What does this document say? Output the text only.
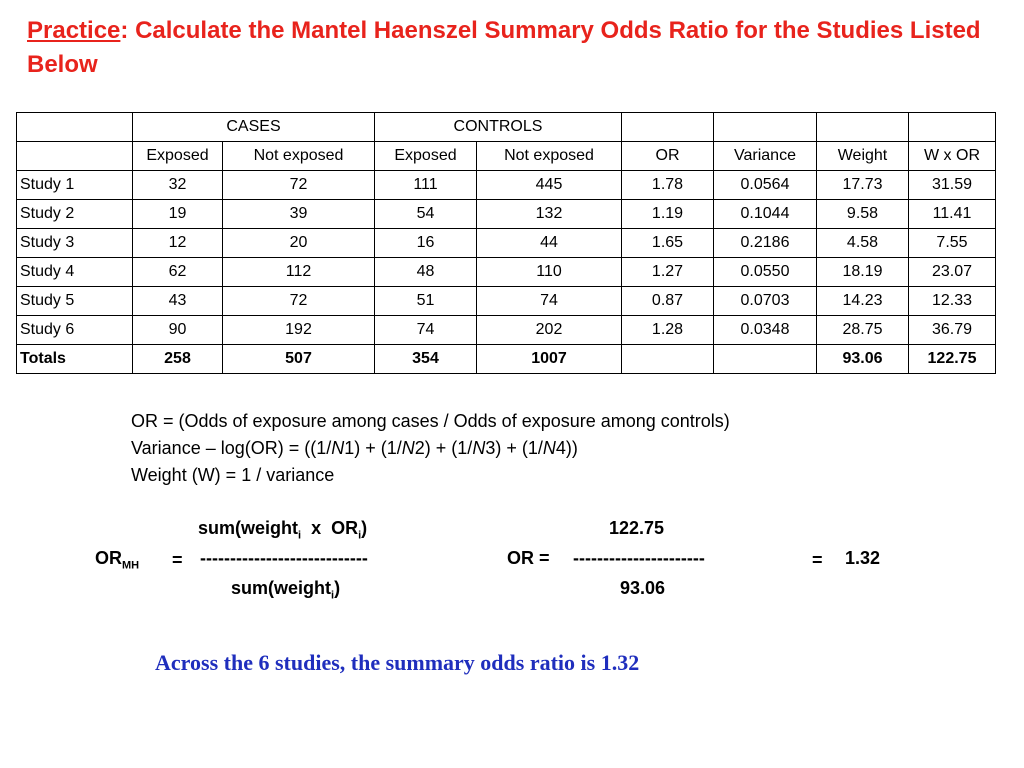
Practice: Calculate the Mantel Haenszel Summary Odds Ratio for the Studies Listed Below
	CASES		CONTROLS					
	Exposed	Not exposed	Exposed	Not exposed	OR	Variance	Weight	W x OR
Study 1	32	72	111	445	1.78	0.0564	17.73	31.59
Study 2	19	39	54	132	1.19	0.1044	9.58	11.41
Study 3	12	20	16	44	1.65	0.2186	4.58	7.55
Study 4	62	112	48	110	1.27	0.0550	18.19	23.07
Study 5	43	72	51	74	0.87	0.0703	14.23	12.33
Study 6	90	192	74	202	1.28	0.0348	28.75	36.79
Totals	258	507	354	1007			93.06	122.75
OR = (Odds of exposure among cases / Odds of exposure among controls)
Variance – log(OR) = ((1/N1) + (1/N2) + (1/N3) + (1/N4))
Weight (W) = 1 / variance
sum(weight$_i$  x  $OR_i$)
$OR_{MH}$ = ----------------------------
sum(weight$_i$)
122.75
OR = ----------------------
93.06
= 1.32
Across the 6 studies, the summary odds ratio is 1.32
